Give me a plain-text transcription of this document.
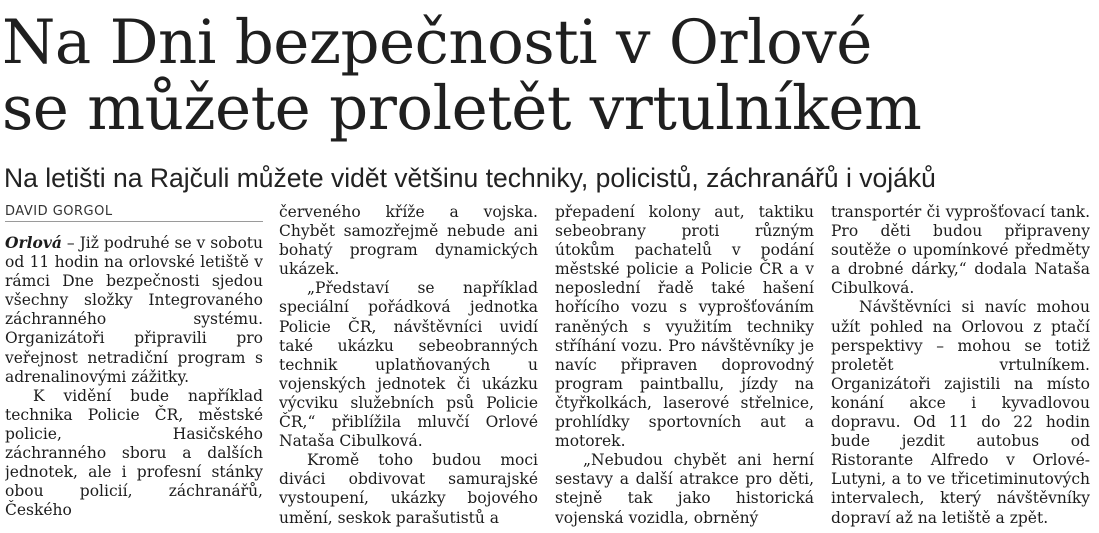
Na Dni bezpečnosti v Orlové
se můžete proletět vrtulníkem
Na letišti na Rajčuli můžete vidět většinu techniky, policistů, záchranářů i vojáků
DAVID GORGOL

Orlová – Již podruhé se v sobotu od 11 hodin na orlovské letiště v rámci Dne bezpečnosti sjedou všechny složky Integrovaného záchranného systému. Organizátoři připravili pro veřejnost netradiční program s adrenalinovými zážitky.

K vidění bude například technika Policie ČR, městské policie, Hasičského záchranného sboru a dalších jednotek, ale i profesní stánky obou policií, záchranářů, Českého

červeného kříže a vojska. Chybět samozřejmě nebude ani bohatý program dynamických ukázek.

„Představí se například speciální pořádková jednotka Policie ČR, návštěvníci uvidí také ukázku sebeobranných technik uplatňovaných u vojenských jednotek či ukázku výcviku služebních psů Policie ČR,“ přiblížila mluvčí Orlové Nataša Cibulková.

Kromě toho budou moci diváci obdivovat samurajské vystoupení, ukázky bojového umění, seskok parašutistů a

přepadení kolony aut, taktiku sebeobrany proti různým útokům pachatelů v podání městské policie a Policie ČR a v neposlední řadě také hašení hořícího vozu s vyprošťováním raněných s využitím techniky stříhání vozu. Pro návštěvníky je navíc připraven doprovodný program paintballu, jízdy na čtyřkolkách, laserové střelnice, prohlídky sportovních aut a motorek.

„Nebudou chybět ani herní sestavy a další atrakce pro děti, stejně tak jako historická vojenská vozidla, obrněný

transportér či vyprošťovací tank. Pro děti budou připraveny soutěže o upomínkové předměty a drobné dárky,“ dodala Nataša Cibulková.

Návštěvníci si navíc mohou užít pohled na Orlovou z ptačí perspektivy – mohou se totiž proletět vrtulníkem. Organizátoři zajistili na místo konání akce i kyvadlovou dopravu. Od 11 do 22 hodin bude jezdit autobus od Ristorante Alfredo v Orlové-Lutyni, a to ve třicetiminutových intervalech, který návštěvníky dopraví až na letiště a zpět.
